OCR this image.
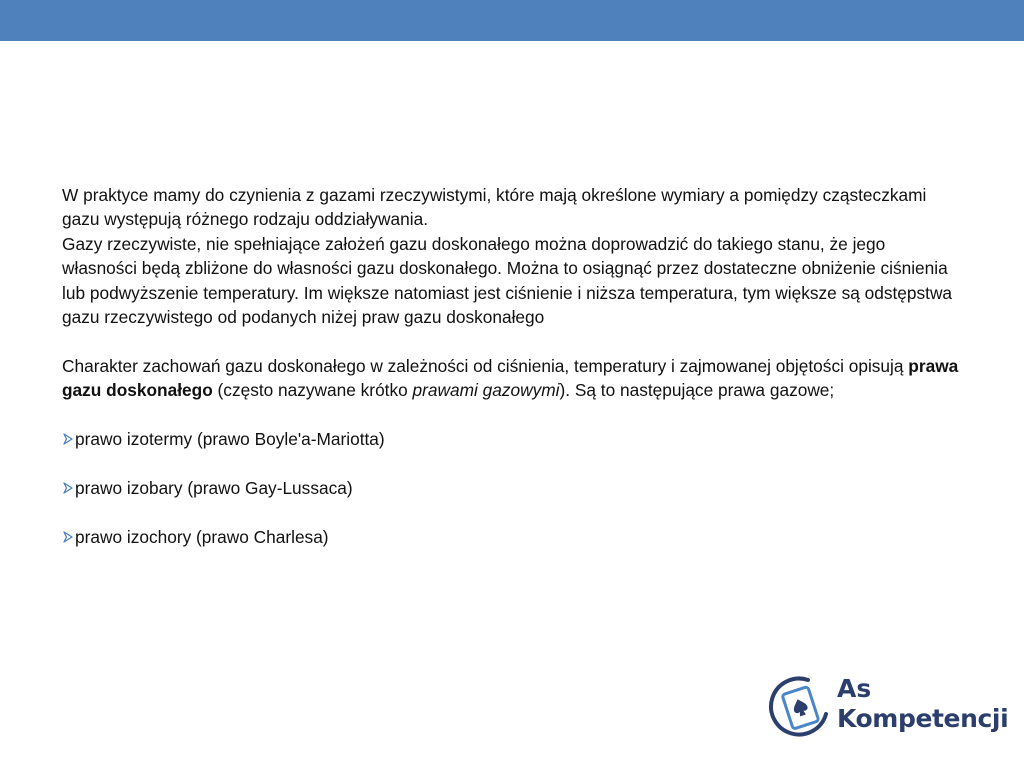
W praktyce mamy do czynienia z gazami rzeczywistymi, które mają określone wymiary a pomiędzy cząsteczkami gazu występują różnego rodzaju oddziaływania.

Gazy rzeczywiste, nie spełniające założeń gazu doskonałego można doprowadzić do takiego stanu, że jego własności będą zbliżone do własności gazu doskonałego. Można to osiągnąć przez dostateczne obniżenie ciśnienia lub podwyższenie temperatury. Im większe natomiast jest ciśnienie i niższa temperatura, tym większe są odstępstwa gazu rzeczywistego od podanych niżej praw gazu doskonałego

Charakter zachowań gazu doskonałego w zależności od ciśnienia, temperatury i zajmowanej objętości opisują prawa gazu doskonałego (często nazywane krótko prawami gazowymi). Są to następujące prawa gazowe;

prawo izotermy (prawo Boyle'a-Mariotta)

prawo izobary (prawo Gay-Lussaca)

prawo izochory (prawo Charlesa)

As
Kompetencji
